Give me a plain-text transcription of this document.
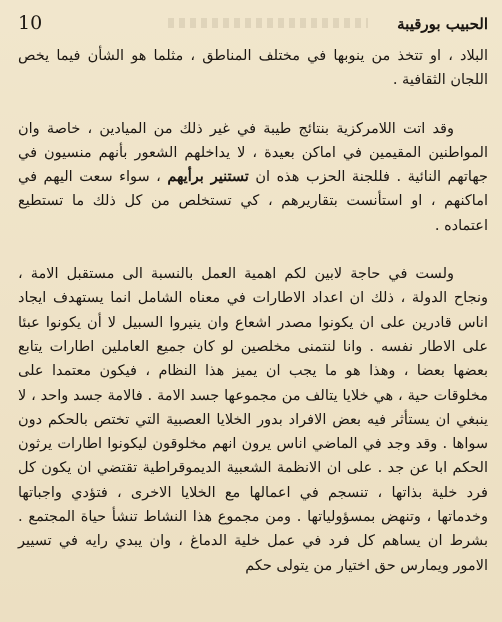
10	الحبيب بورقيبة

البلاد ، او تتخذ من ينوبها في مختلف المناطق ، مثلما هو الشأن فيما يخص اللجان الثقافية .

وقد اتت اللامركزية بنتائج طيبة في غير ذلك من الميادين ، خاصة وان المواطنين المقيمين في اماكن بعيدة ، لا يداخلهم الشعور بأنهم منسيون في جهاتهم النائية . فللجنة الحزب هذه ان تستنير برأيهم ، سواء سعت اليهم في اماكنهم ، او استأنست بتقاريرهم ، كي تستخلص من كل ذلك ما تستطيع اعتماده .

ولست في حاجة لابين لكم اهمية العمل بالنسبة الى مستقبل الامة ، ونجاح الدولة ، ذلك ان اعداد الاطارات في معناه الشامل انما يستهدف ايجاد اناس قادرين على ان يكونوا مصدر اشعاع وان ينيروا السبيل لا أن يكونوا عبئا على الاطار نفسه . وانا لنتمنى مخلصين لو كان جميع العاملين اطارات يتابع بعضها بعضا ، وهذا هو ما يجب ان يميز هذا النظام ، فيكون معتمدا على مخلوقات حية ، هي خلايا يتالف من مجموعها جسد الامة . فالامة جسد واحد ، لا ينبغي ان يستأثر فيه بعض الافراد بدور الخلايا العصبية التي تختص بالحكم دون سواها . وقد وجد في الماضي اناس يرون انهم مخلوقون ليكونوا اطارات يرثون الحكم ابا عن جد . على ان الانظمة الشعبية الديموقراطية تقتضي ان يكون كل فرد خلية بذاتها ، تنسجم في اعمالها مع الخلايا الاخرى ، فتؤدي واجباتها وخدماتها ، وتنهض بمسؤولياتها . ومن مجموع هذا النشاط تنشأ حياة المجتمع . بشرط ان يساهم كل فرد في عمل خلية الدماغ ، وان يبدي رايه في تسيير الامور ويمارس حق اختيار من يتولى حكم
